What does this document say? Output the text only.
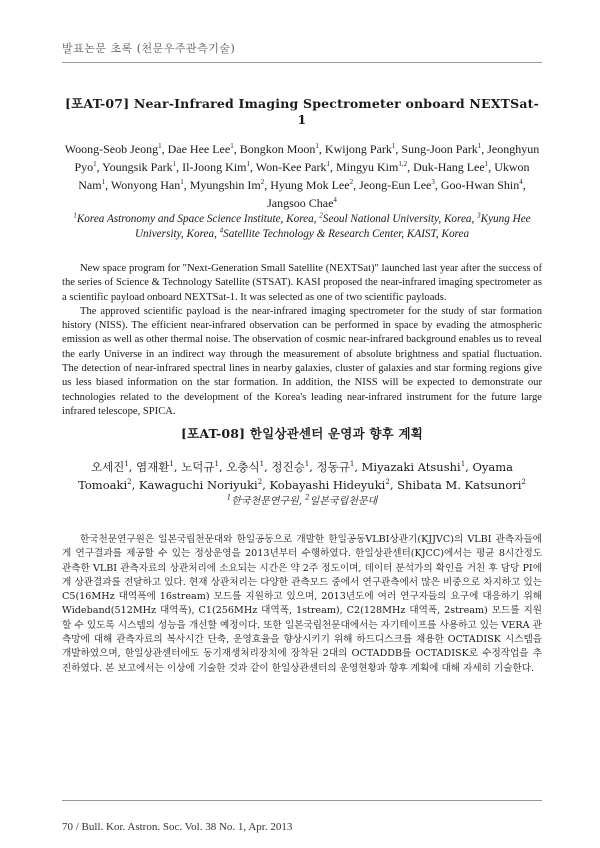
발표논문 초록 (천문우주관측기술)
[포AT-07] Near-Infrared Imaging Spectrometer onboard NEXTSat-1

Woong-Seob Jeong$^1$, Dae Hee Lee$^1$, Bongkon Moon$^1$, Kwijong Park$^1$, Sung-Joon Park$^1$, Jeonghyun Pyo$^1$, Youngsik Park$^1$, Il-Joong Kim$^1$, Won-Kee Park$^1$, Mingyu Kim$^{1,2}$, Duk-Hang Lee$^1$, Ukwon Nam$^1$, Wonyong Han$^1$, Myungshin Im$^2$, Hyung Mok Lee$^2$, Jeong-Eun Lee$^3$, Goo-Hwan Shin$^4$, Jangsoo Chae$^4$

$^1$Korea Astronomy and Space Science Institute, Korea, $^2$Seoul National University, Korea, $^3$Kyung Hee University, Korea, $^4$Satellite Technology & Research Center, KAIST, Korea

New space program for "Next-Generation Small Satellite (NEXTSat)" launched last year after the success of the series of Science & Technology Satellite (STSAT). KASI proposed the near-infrared imaging spectrometer as a scientific payload onboard NEXTSat-1. It was selected as one of two scientific payloads.
The approved scientific payload is the near-infrared imaging spectrometer for the study of star formation history (NISS). The efficient near-infrared observation can be performed in space by evading the atmospheric emission as well as other thermal noise. The observation of cosmic near-infrared background enables us to reveal the early Universe in an indirect way through the measurement of absolute brightness and spatial fluctuation. The detection of near-infrared spectral lines in nearby galaxies, cluster of galaxies and star forming regions give us less biased information on the star formation. In addition, the NISS will be expected to demonstrate our technologies related to the development of the Korea's leading near-infrared instrument for the future large infrared telescope, SPICA.
[포AT-08] 한일상관센터 운영과 향후 계획

오세진$^1$, 염재환$^1$, 노덕규$^1$, 오충식$^1$, 정진승$^1$, 정동규$^1$, Miyazaki Atsushi$^1$, Oyama Tomoaki$^2$, Kawaguchi Noriyuki$^2$, Kobayashi Hideyuki$^2$, Shibata M. Katsunori$^2$

$^1$한국천문연구원, $^2$일본국립천문대

한국천문연구원은 일본국립천문대와 한일공동으로 개발한 한일공동VLBI상관기(KJJVC)의 VLBI 관측자들에게 연구결과를 제공할 수 있는 정상운영을 2013년부터 수행하였다. 한일상관센터(KJCC)에서는 평균 8시간정도 관측한 VLBI 관측자료의 상관처리에 소요되는 시간은 약 2주 정도이며, 데이터 분석가의 확인을 거친 후 담당 PI에게 상관결과를 전달하고 있다. 현재 상관처리는 다양한 관측모드 중에서 연구관측에서 많은 비중으로 차지하고 있는 C5(16MHz 대역폭에 16stream) 모드를 지원하고 있으며, 2013년도에 여러 연구자들의 요구에 대응하기 위해 Wideband(512MHz 대역폭), C1(256MHz 대역폭, 1stream), C2(128MHz 대역폭, 2stream) 모드를 지원할 수 있도록 시스템의 성능을 개선할 예정이다. 또한 일본국립천문대에서는 자기테이프를 사용하고 있는 VERA 관측망에 대해 관측자료의 복사시간 단축, 운영효율을 향상시키기 위해 하드디스크를 채용한 OCTADISK 시스템을 개발하였으며, 한일상관센터에도 동기재생처리장치에 장착된 2대의 OCTADDB를 OCTADISK로 수정작업을 추진하였다. 본 보고에서는 이상에 기술한 것과 같이 한일상관센터의 운영현황과 향후 계획에 대해 자세히 기술한다.
70 / Bull. Kor. Astron. Soc. Vol. 38 No. 1, Apr. 2013
